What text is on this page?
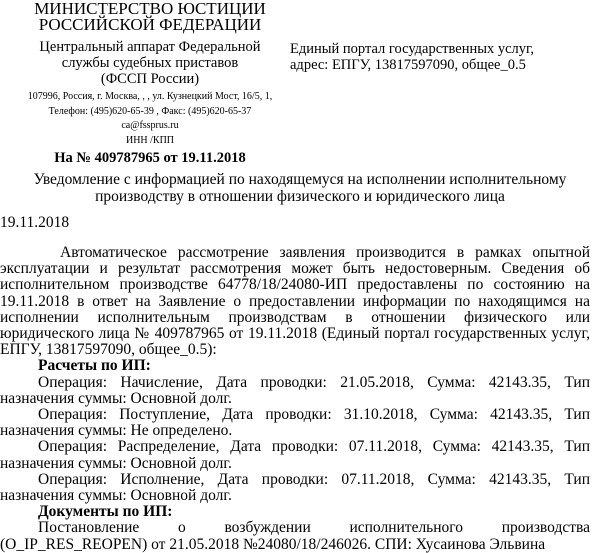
МИНИСТЕРСТВО ЮСТИЦИИ
РОССИЙСКОЙ ФЕДЕРАЦИИ
Центральный аппарат Федеральной
службы судебных приставов
(ФССП России)
107996, Россия, г. Москва, , , ул. Кузнецкий Мост, 16/5, 1,
Телефон: (495)620-65-39 , Факс: (495)620-65-37
ca@fssprus.ru
ИНН /КПП
На № 409787965 от 19.11.2018
Единый портал государственных услуг,
адрес: ЕПГУ, 13817597090, общее_0.5
Уведомление с информацией по находящемуся на исполнении исполнительному
производству в отношении физического и юридического лица
19.11.2018

Автоматическое рассмотрение заявления производится в рамках опытной эксплуатации и результат рассмотрения может быть недостоверным. Сведения об исполнительном производстве 64778/18/24080-ИП предоставлены по состоянию на 19.11.2018 в ответ на Заявление о предоставлении информации по находящимся на исполнении исполнительным производствам в отношении физического или юридического лица № 409787965 от 19.11.2018 (Единый портал государственных услуг, ЕПГУ, 13817597090, общее_0.5):

Расчеты по ИП:

Операция: Начисление, Дата проводки: 21.05.2018, Сумма: 42143.35, Тип назначения суммы: Основной долг.

Операция: Поступление, Дата проводки: 31.10.2018, Сумма: 42143.35, Тип назначения суммы: Не определено.

Операция: Распределение, Дата проводки: 07.11.2018, Сумма: 42143.35, Тип назначения суммы: Основной долг.

Операция: Исполнение, Дата проводки: 07.11.2018, Сумма: 42143.35, Тип назначения суммы: Основной долг.

Документы по ИП:

Постановление о возбуждении исполнительного производства (O_IP_RES_REOPEN) от 21.05.2018 №24080/18/246026. СПИ: Хусаинова Эльвина
